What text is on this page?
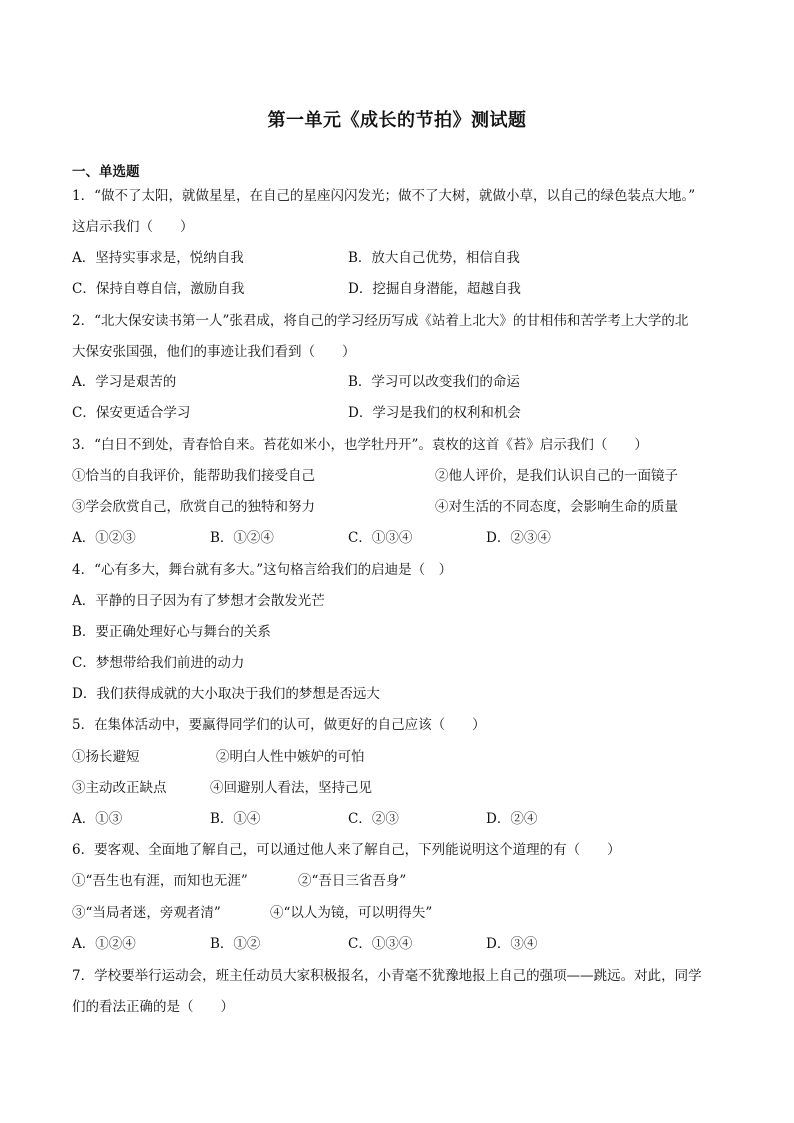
第一单元《成长的节拍》测试题
一、单选题
1．“做不了太阳，就做星星，在自己的星座闪闪发光；做不了大树，就做小草，以自己的绿色装点大地。”
这启示我们（　　）
A．坚持实事求是，悦纳自我	B．放大自己优势，相信自我
C．保持自尊自信，激励自我	D．挖掘自身潜能，超越自我
2．“北大保安读书第一人”张君成，将自己的学习经历写成《站着上北大》的甘相伟和苦学考上大学的北
大保安张国强，他们的事迹让我们看到（　　）
A．学习是艰苦的	B．学习可以改变我们的命运
C．保安更适合学习	D．学习是我们的权利和机会
3．“白日不到处，青春恰自来。苔花如米小，也学牡丹开”。袁枚的这首《苔》启示我们（　　）
①恰当的自我评价，能帮助我们接受自己	②他人评价，是我们认识自己的一面镜子
③学会欣赏自己，欣赏自己的独特和努力	④对生活的不同态度，会影响生命的质量
A．①②③	B．①②④	C．①③④	D．②③④
4．“心有多大，舞台就有多大。”这句格言给我们的启迪是（　）
A．平静的日子因为有了梦想才会散发光芒
B．要正确处理好心与舞台的关系
C．梦想带给我们前进的动力
D．我们获得成就的大小取决于我们的梦想是否远大
5．在集体活动中，要赢得同学们的认可，做更好的自己应该（　　）
①扬长避短	②明白人性中嫉妒的可怕
③主动改正缺点	④回避别人看法，坚持己见
A．①③	B．①④	C．②③	D．②④
6．要客观、全面地了解自己，可以通过他人来了解自己，下列能说明这个道理的有（　　）
①“吾生也有涯，而知也无涯”	②“吾日三省吾身”
③“当局者迷，旁观者清”	④“以人为镜，可以明得失”
A．①②④	B．①②	C．①③④	D．③④
7．学校要举行运动会，班主任动员大家积极报名，小青毫不犹豫地报上自己的强项——跳远。对此，同学
们的看法正确的是（　　）
